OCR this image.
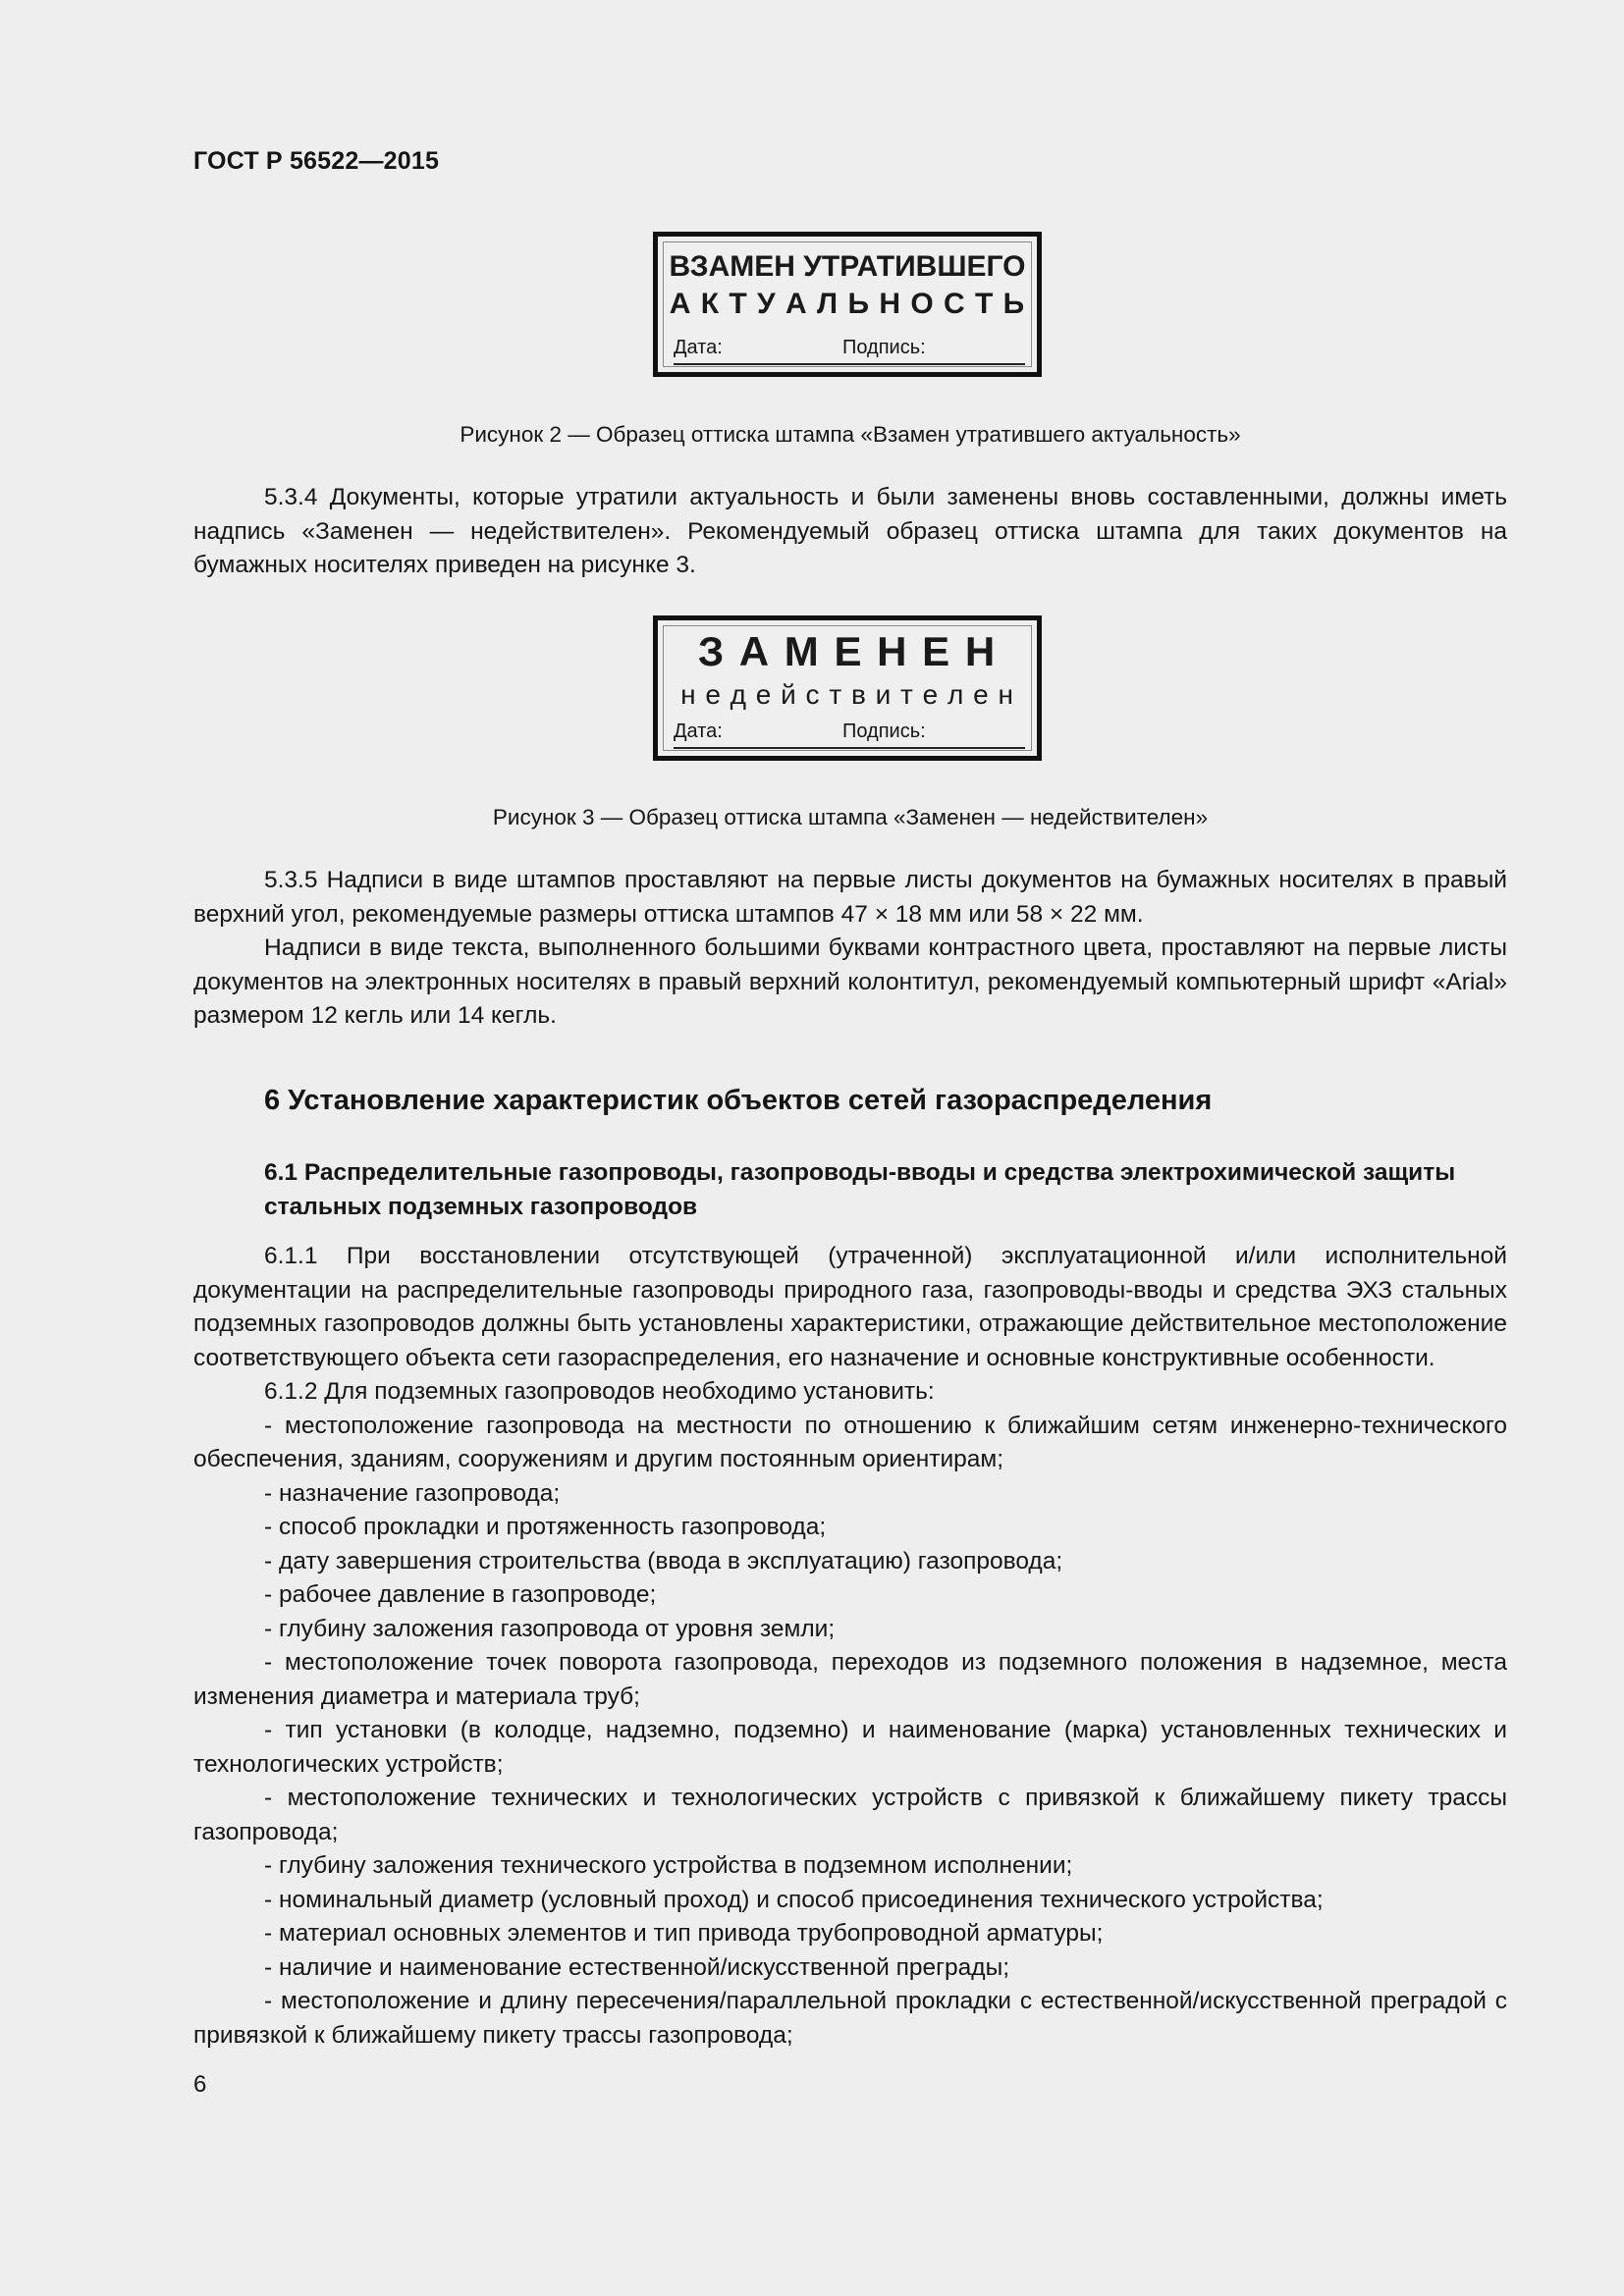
ГОСТ Р 56522—2015
ВЗАМЕН УТРАТИВШЕГО
А К Т У А Л Ь Н О С Т Ь
Дата:	Подпись:
Рисунок 2 — Образец оттиска штампа «Взамен утратившего актуальность»
5.3.4 Документы, которые утратили актуальность и были заменены вновь составленными, должны иметь надпись «Заменен — недействителен». Рекомендуемый образец оттиска штампа для таких документов на бумажных носителях приведен на рисунке 3.
З А М Е Н Е Н
н е д е й с т в и т е л е н
Дата:	Подпись:
Рисунок 3 — Образец оттиска штампа «Заменен — недействителен»
5.3.5 Надписи в виде штампов проставляют на первые листы документов на бумажных носителях в правый верхний угол, рекомендуемые размеры оттиска штампов 47 × 18 мм или 58 × 22 мм.
Надписи в виде текста, выполненного большими буквами контрастного цвета, проставляют на первые листы документов на электронных носителях в правый верхний колонтитул, рекомендуемый компьютерный шрифт «Arial» размером 12 кегль или 14 кегль.
6 Установление характеристик объектов сетей газораспределения
6.1 Распределительные газопроводы, газопроводы-вводы и средства электрохимической защиты стальных подземных газопроводов
6.1.1 При восстановлении отсутствующей (утраченной) эксплуатационной и/или исполнительной документации на распределительные газопроводы природного газа, газопроводы-вводы и средства ЭХЗ стальных подземных газопроводов должны быть установлены характеристики, отражающие действительное местоположение соответствующего объекта сети газораспределения, его назначение и основные конструктивные особенности.
6.1.2 Для подземных газопроводов необходимо установить:
- местоположение газопровода на местности по отношению к ближайшим сетям инженерно-технического обеспечения, зданиям, сооружениям и другим постоянным ориентирам;
- назначение газопровода;
- способ прокладки и протяженность газопровода;
- дату завершения строительства (ввода в эксплуатацию) газопровода;
- рабочее давление в газопроводе;
- глубину заложения газопровода от уровня земли;
- местоположение точек поворота газопровода, переходов из подземного положения в надземное, места изменения диаметра и материала труб;
- тип установки (в колодце, надземно, подземно) и наименование (марка) установленных технических и технологических устройств;
- местоположение технических и технологических устройств с привязкой к ближайшему пикету трассы газопровода;
- глубину заложения технического устройства в подземном исполнении;
- номинальный диаметр (условный проход) и способ присоединения технического устройства;
- материал основных элементов и тип привода трубопроводной арматуры;
- наличие и наименование естественной/искусственной преграды;
- местоположение и длину пересечения/параллельной прокладки с естественной/искусственной преградой с привязкой к ближайшему пикету трассы газопровода;
6
